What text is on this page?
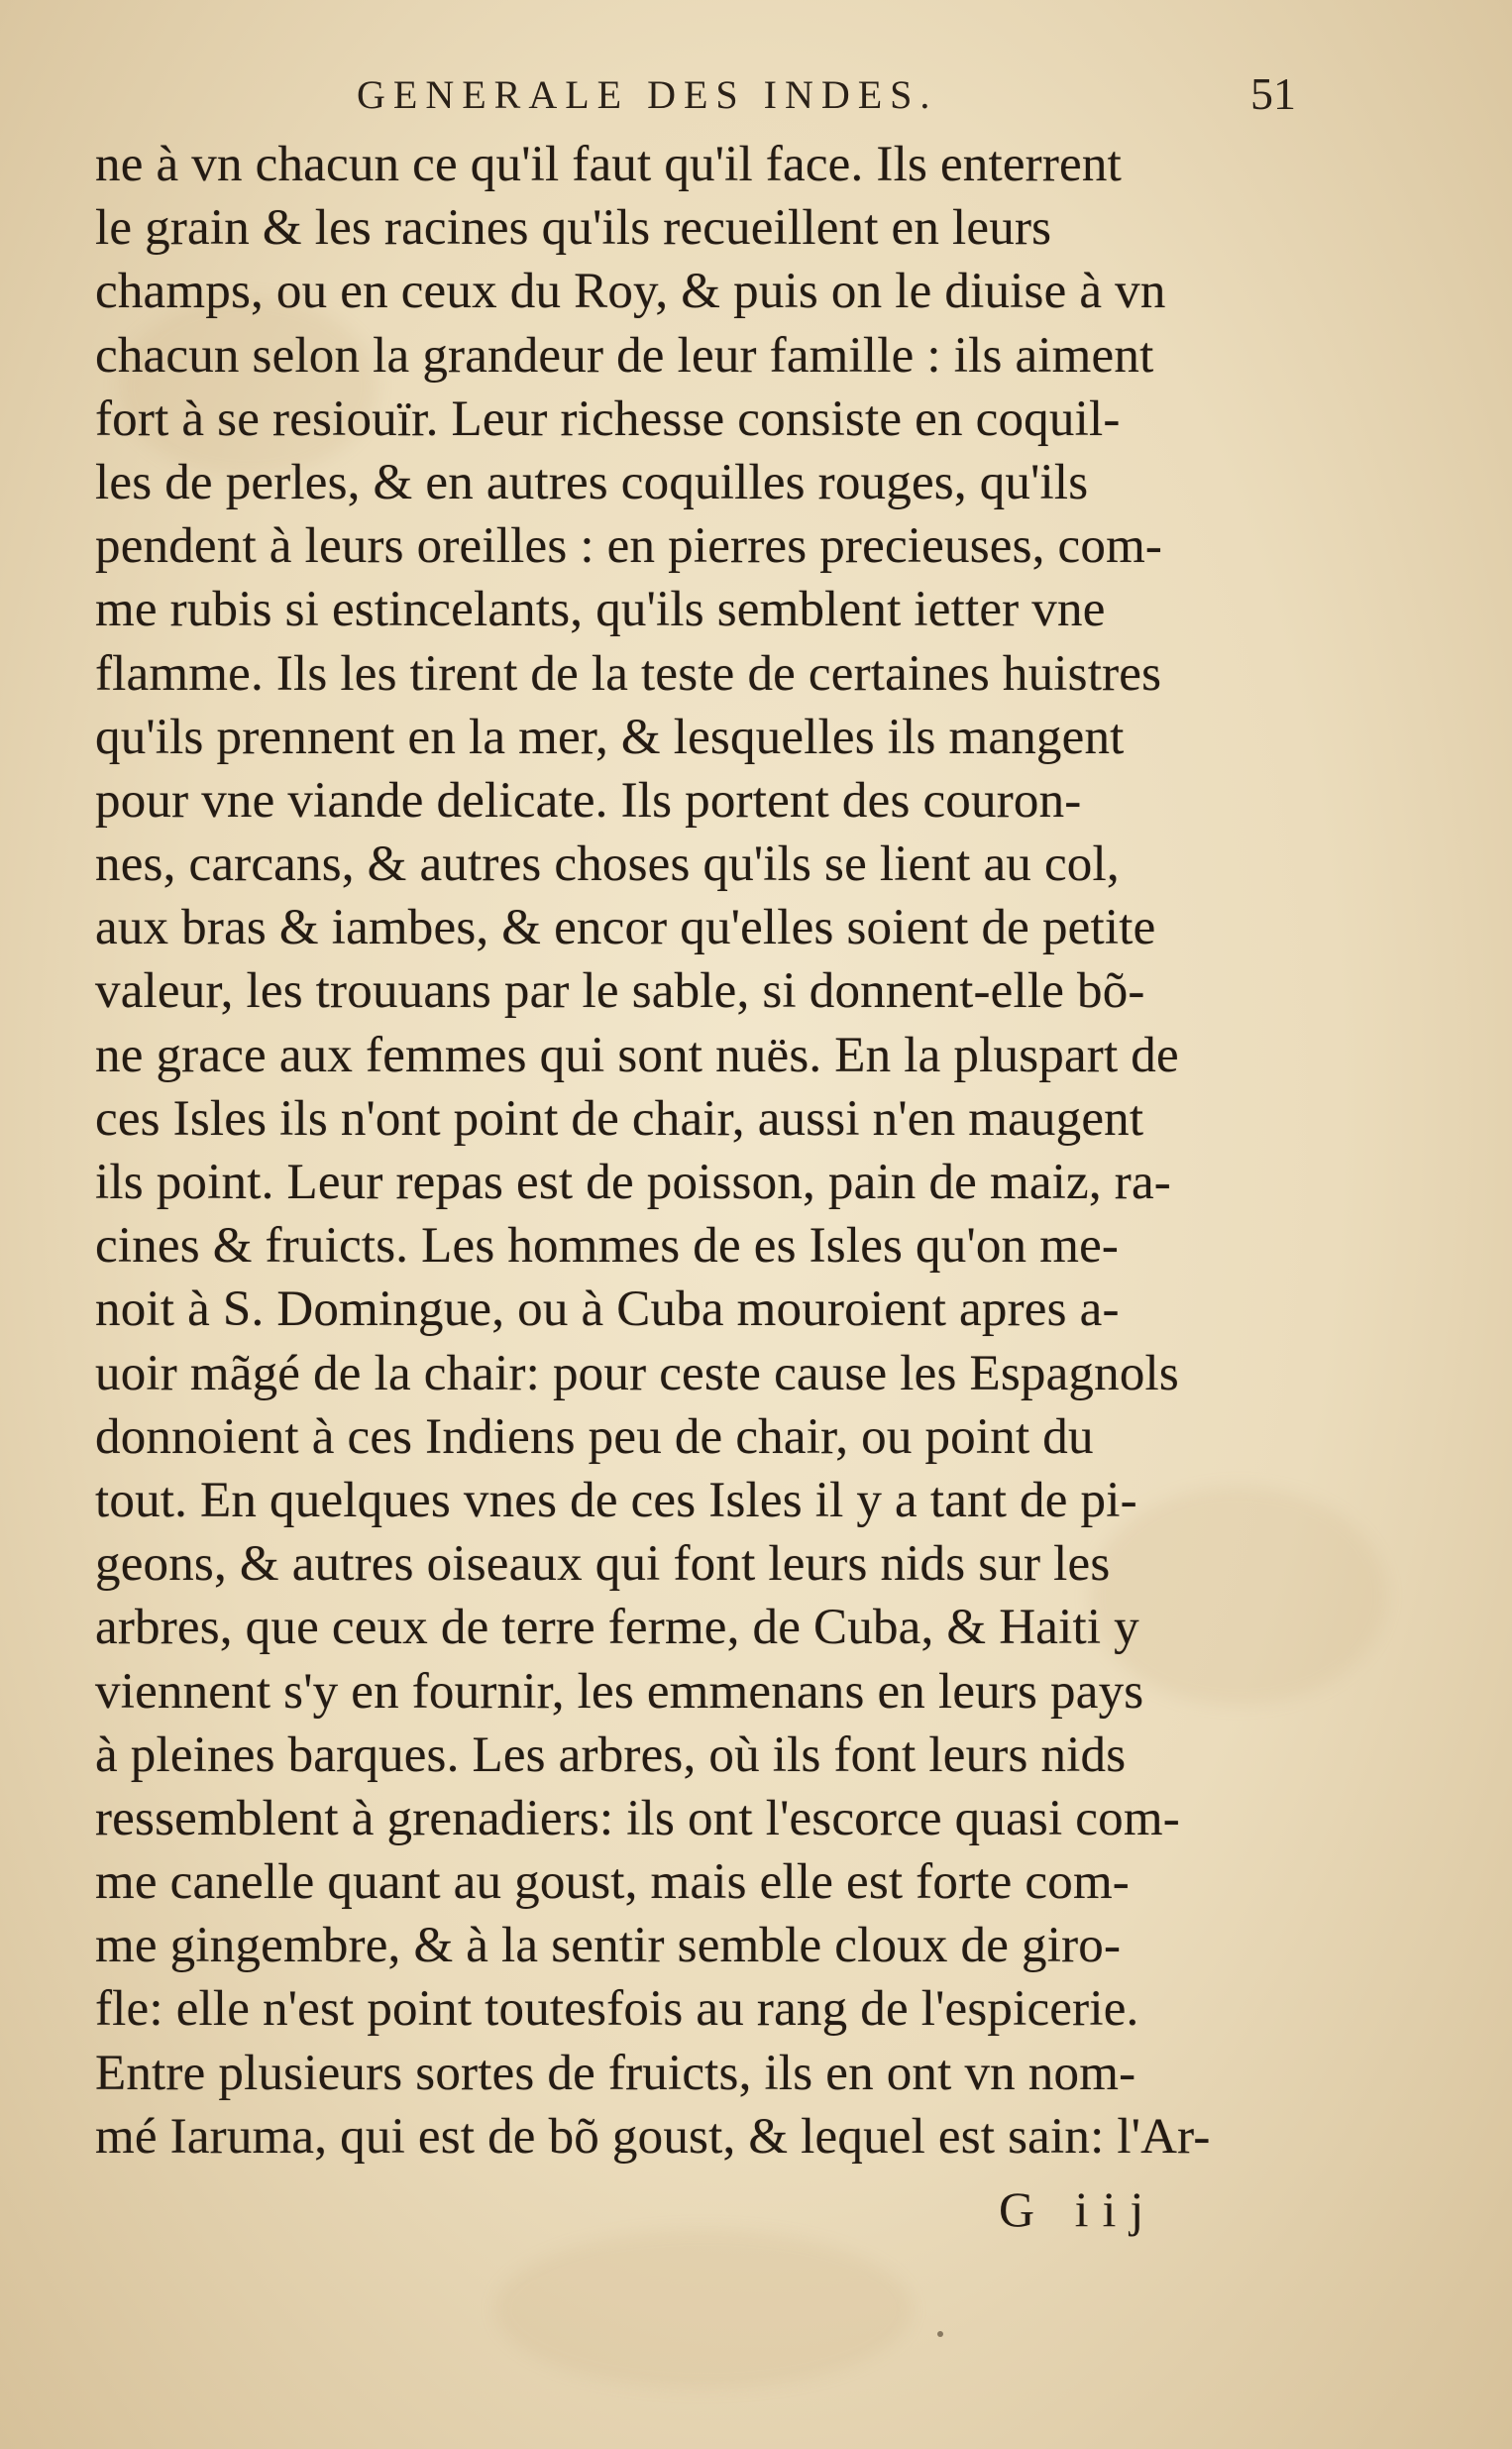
GENERALE DES INDES.	51
ne à vn chacun ce qu'il faut qu'il face. Ils enterrent
le grain & les racines qu'ils recueillent en leurs
champs, ou en ceux du Roy, & puis on le diuise à vn
chacun selon la grandeur de leur famille : ils aiment
fort à se resiouïr. Leur richesse consiste en coquil-
les de perles, & en autres coquilles rouges, qu'ils
pendent à leurs oreilles : en pierres precieuses, com-
me rubis si estincelants, qu'ils semblent ietter vne
flamme. Ils les tirent de la teste de certaines huistres
qu'ils prennent en la mer, & lesquelles ils mangent
pour vne viande delicate. Ils portent des couron-
nes, carcans, & autres choses qu'ils se lient au col,
aux bras & iambes, & encor qu'elles soient de petite
valeur, les trouuans par le sable, si donnent-elle bõ-
ne grace aux femmes qui sont nuës. En la pluspart de
ces Isles ils n'ont point de chair, aussi n'en maugent
ils point. Leur repas est de poisson, pain de maiz, ra-
cines & fruicts. Les hommes de es Isles qu'on me-
noit à S. Domingue, ou à Cuba mouroient apres a-
uoir mãgé de la chair: pour ceste cause les Espagnols
donnoient à ces Indiens peu de chair, ou point du
tout. En quelques vnes de ces Isles il y a tant de pi-
geons, & autres oiseaux qui font leurs nids sur les
arbres, que ceux de terre ferme, de Cuba, & Haiti y
viennent s'y en fournir, les emmenans en leurs pays
à pleines barques. Les arbres, où ils font leurs nids
ressemblent à grenadiers: ils ont l'escorce quasi com-
me canelle quant au goust, mais elle est forte com-
me gingembre, & à la sentir semble cloux de giro-
fle: elle n'est point toutesfois au rang de l'espicerie.
Entre plusieurs sortes de fruicts, ils en ont vn nom-
mé Iaruma, qui est de bõ goust, & lequel est sain: l'Ar-
G iij
